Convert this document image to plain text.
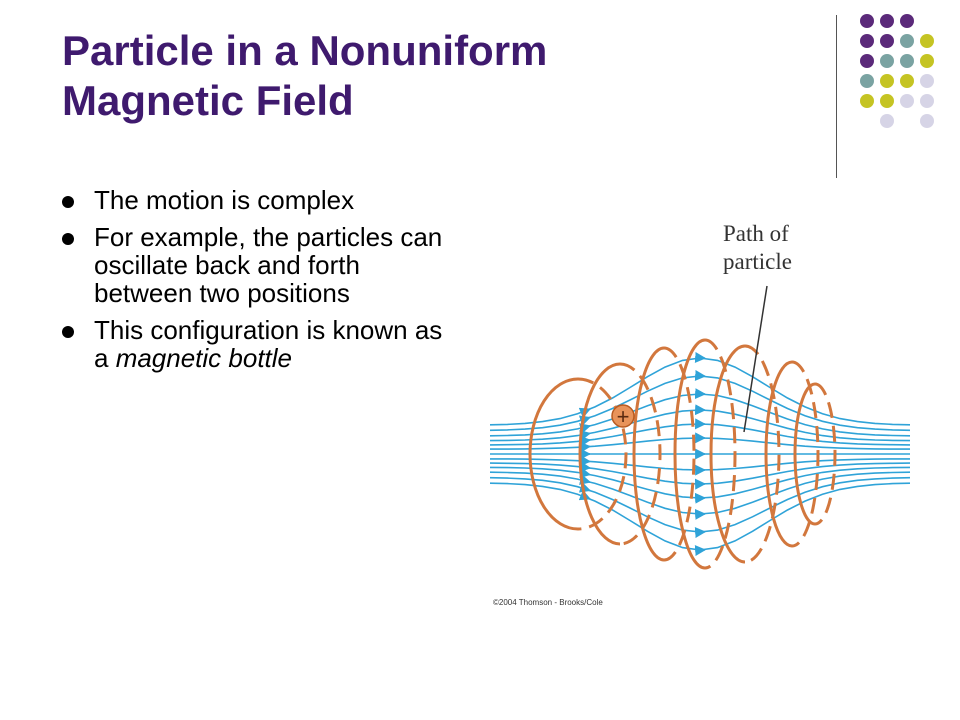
Particle in a Nonuniform
Magnetic Field
The motion is complex
For example, the particles can oscillate back and forth between two positions
This configuration is known as a magnetic bottle
+
Path of
particle
©2004 Thomson - Brooks/Cole
